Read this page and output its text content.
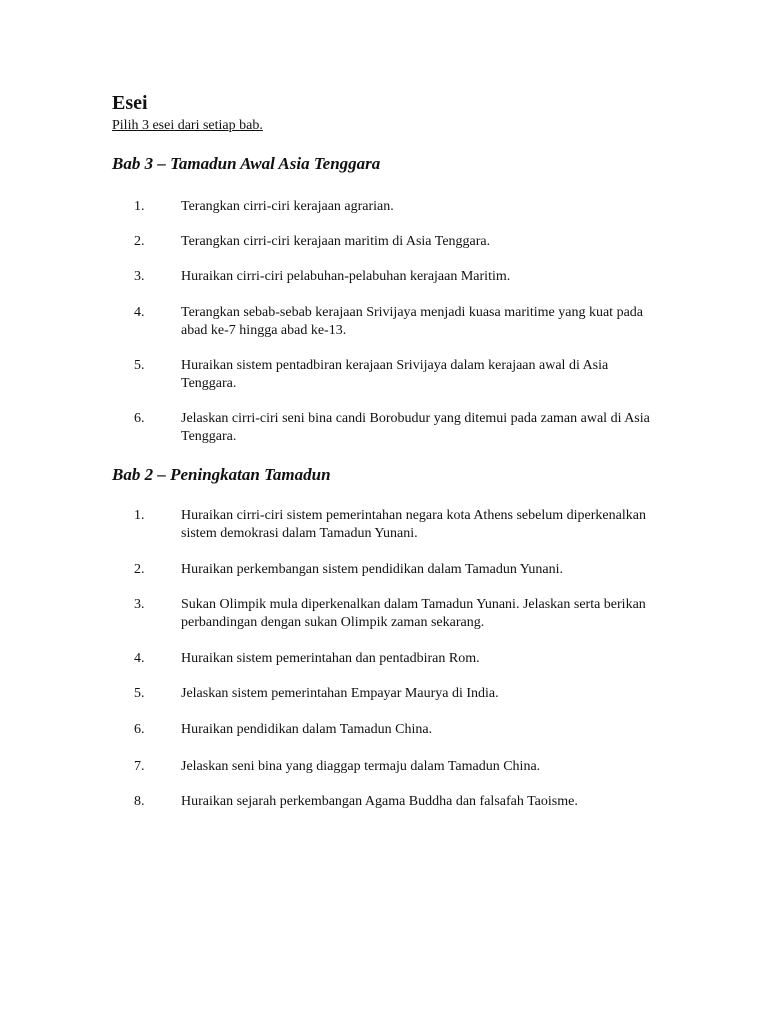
Esei

Pilih 3 esei dari setiap bab.

Bab 3 – Tamadun Awal Asia Tenggara
1.	Terangkan cirri-ciri kerajaan agrarian.
2.	Terangkan cirri-ciri kerajaan maritim di Asia Tenggara.
3.	Huraikan cirri-ciri pelabuhan-pelabuhan kerajaan Maritim.
4.	Terangkan sebab-sebab kerajaan Srivijaya menjadi kuasa maritime yang kuat pada abad ke-7 hingga abad ke-13.
5.	Huraikan sistem pentadbiran kerajaan Srivijaya dalam kerajaan awal di Asia Tenggara.
6.	Jelaskan cirri-ciri seni bina candi Borobudur yang ditemui pada zaman awal di Asia Tenggara.
Bab 2 – Peningkatan Tamadun
1.	Huraikan cirri-ciri sistem pemerintahan negara kota Athens sebelum diperkenalkan sistem demokrasi dalam Tamadun Yunani.
2.	Huraikan perkembangan sistem pendidikan dalam Tamadun Yunani.
3.	Sukan Olimpik mula diperkenalkan dalam Tamadun Yunani. Jelaskan serta berikan perbandingan dengan sukan Olimpik zaman sekarang.
4.	Huraikan sistem pemerintahan dan pentadbiran Rom.
5.	Jelaskan sistem pemerintahan Empayar Maurya di India.
6.	Huraikan pendidikan dalam Tamadun China.
7.	Jelaskan seni bina yang diaggap termaju dalam Tamadun China.
8.	Huraikan sejarah perkembangan Agama Buddha dan falsafah Taoisme.
